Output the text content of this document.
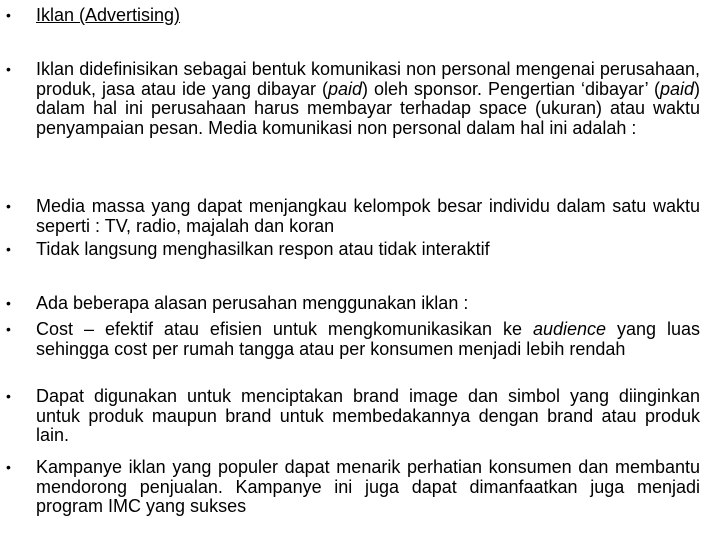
•	Iklan (Advertising)
•	Iklan didefinisikan sebagai bentuk komunikasi non personal mengenai perusahaan, produk, jasa atau ide yang dibayar (paid) oleh sponsor. Pengertian ‘dibayar’ (paid) dalam hal ini perusahaan harus membayar terhadap space (ukuran) atau waktu penyampaian pesan. Media komunikasi non personal dalam hal ini adalah :
•	Media massa yang dapat menjangkau kelompok besar individu dalam satu waktu seperti : TV, radio, majalah dan koran
•	Tidak langsung menghasilkan respon atau tidak interaktif
•	Ada beberapa alasan perusahan menggunakan iklan :
•	Cost – efektif atau efisien untuk mengkomunikasikan ke audience yang luas sehingga cost per rumah tangga atau per konsumen menjadi lebih rendah
•	Dapat digunakan untuk menciptakan brand image dan simbol yang diinginkan untuk produk maupun brand untuk membedakannya dengan brand atau produk lain.
•	Kampanye iklan yang populer dapat menarik perhatian konsumen dan membantu mendorong penjualan. Kampanye ini juga dapat dimanfaatkan juga menjadi program IMC yang sukses
